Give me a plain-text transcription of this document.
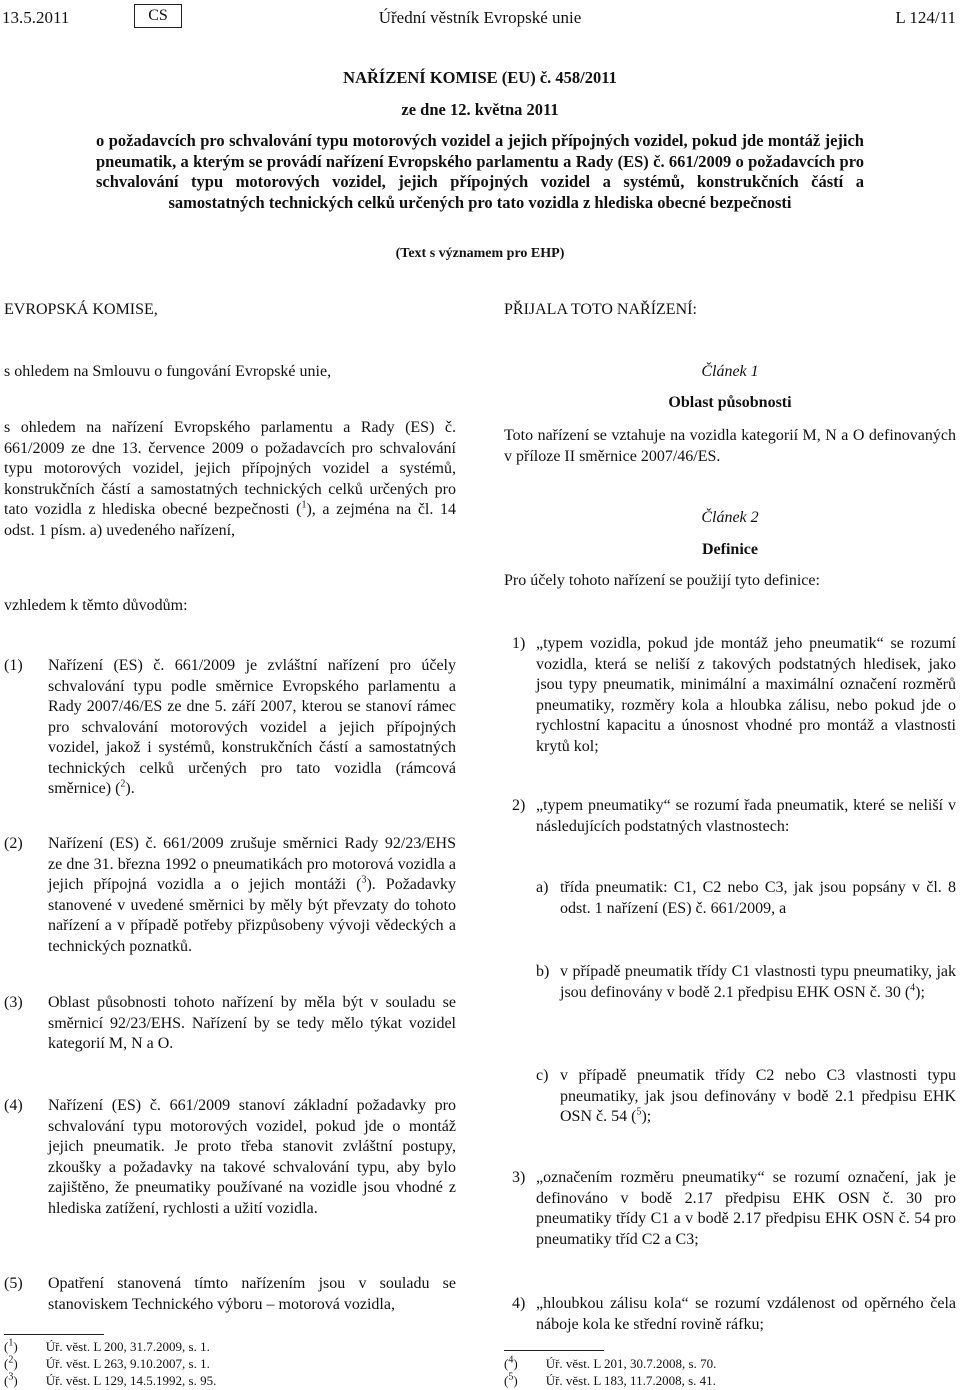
13.5.2011	Úřední věstník Evropské unie
CS	L 124/11
NAŘÍZENÍ KOMISE (EU) č. 458/2011
ze dne 12. května 2011
o požadavcích pro schvalování typu motorových vozidel a jejich přípojných vozidel, pokud jde montáž jejich pneumatik, a kterým se provádí nařízení Evropského parlamentu a Rady (ES) č. 661/2009 o požadavcích pro schvalování typu motorových vozidel, jejich přípojných vozidel a systémů, konstrukčních částí a samostatných technických celků určených pro tato vozidla z hlediska obecné bezpečnosti
(Text s významem pro EHP)

EVROPSKÁ KOMISE,

s ohledem na Smlouvu o fungování Evropské unie,

s ohledem na nařízení Evropského parlamentu a Rady (ES) č. 661/2009 ze dne 13. července 2009 o požadavcích pro schvalování typu motorových vozidel, jejich přípojných vozidel a systémů, konstrukčních částí a samostatných technických celků určených pro tato vozidla z hlediska obecné bezpečnosti ($^1$), a zejména na čl. 14 odst. 1 písm. a) uvedeného nařízení,

vzhledem k těmto důvodům:

(1)	Nařízení (ES) č. 661/2009 je zvláštní nařízení pro účely schvalování typu podle směrnice Evropského parlamentu a Rady 2007/46/ES ze dne 5. září 2007, kterou se stanoví rámec pro schvalování motorových vozidel a jejich přípojných vozidel, jakož i systémů, konstrukčních částí a samostatných technických celků určených pro tato vozidla (rámcová směrnice) ($^2$).
(2)	Nařízení (ES) č. 661/2009 zrušuje směrnici Rady 92/23/EHS ze dne 31. března 1992 o pneumatikách pro motorová vozidla a jejich přípojná vozidla a o jejich montáži ($^3$). Požadavky stanovené v uvedené směrnici by měly být převzaty do tohoto nařízení a v případě potřeby přizpůsobeny vývoji vědeckých a technických poznatků.
(3)	Oblast působnosti tohoto nařízení by měla být v souladu se směrnicí 92/23/EHS. Nařízení by se tedy mělo týkat vozidel kategorií M, N a O.
(4)	Nařízení (ES) č. 661/2009 stanoví základní požadavky pro schvalování typu motorových vozidel, pokud jde o montáž jejich pneumatik. Je proto třeba stanovit zvláštní postupy, zkoušky a požadavky na takové schvalování typu, aby bylo zajištěno, že pneumatiky používané na vozidle jsou vhodné z hlediska zatížení, rychlosti a užití vozidla.
(5)	Opatření stanovená tímto nařízením jsou v souladu se stanoviskem Technického výboru – motorová vozidla,
($^1$) Úř. věst. L 200, 31.7.2009, s. 1.
($^2$) Úř. věst. L 263, 9.10.2007, s. 1.
($^3$) Úř. věst. L 129, 14.5.1992, s. 95.

PŘIJALA TOTO NAŘÍZENÍ:

Článek 1
Oblast působnosti

Toto nařízení se vztahuje na vozidla kategorií M, N a O definovaných v příloze II směrnice 2007/46/ES.

Článek 2
Definice

Pro účely tohoto nařízení se použijí tyto definice:

1) „typem vozidla, pokud jde montáž jeho pneumatik“ se rozumí vozidla, která se neliší z takových podstatných hledisek, jako jsou typy pneumatik, minimální a maximální označení rozměrů pneumatiky, rozměry kola a hloubka zálisu, nebo pokud jde o rychlostní kapacitu a únosnost vhodné pro montáž a vlastnosti krytů kol;
2) „typem pneumatiky“ se rozumí řada pneumatik, které se neliší v následujících podstatných vlastnostech:
a) třída pneumatik: C1, C2 nebo C3, jak jsou popsány v čl. 8 odst. 1 nařízení (ES) č. 661/2009, a
b) v případě pneumatik třídy C1 vlastnosti typu pneumatiky, jak jsou definovány v bodě 2.1 předpisu EHK OSN č. 30 ($^4$);
c) v případě pneumatik třídy C2 nebo C3 vlastnosti typu pneumatiky, jak jsou definovány v bodě 2.1 předpisu EHK OSN č. 54 ($^5$);
3) „označením rozměru pneumatiky“ se rozumí označení, jak je definováno v bodě 2.17 předpisu EHK OSN č. 30 pro pneumatiky třídy C1 a v bodě 2.17 předpisu EHK OSN č. 54 pro pneumatiky tříd C2 a C3;
4) „hloubkou zálisu kola“ se rozumí vzdálenost od opěrného čela náboje kola ke střední rovině ráfku;
($^4$) Úř. věst. L 201, 30.7.2008, s. 70.
($^5$) Úř. věst. L 183, 11.7.2008, s. 41.
